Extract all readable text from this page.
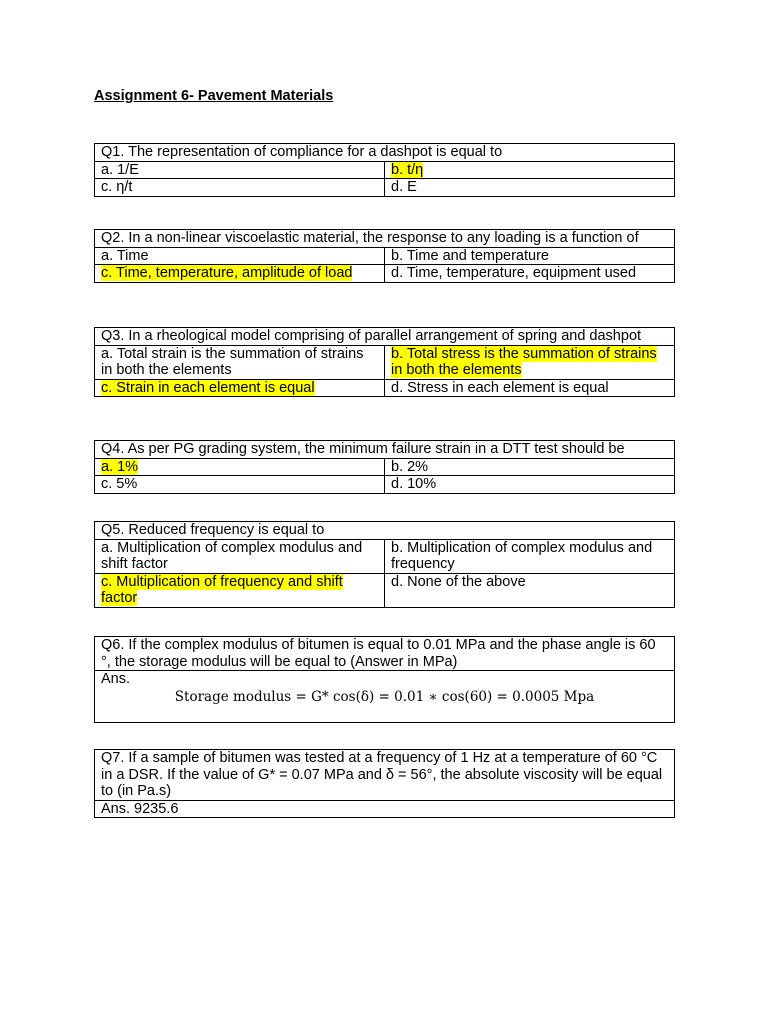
Assignment 6- Pavement Materials
Q1. The representation of compliance for a dashpot is equal to	
a. 1/E	b. t/η
c. η/t	d. E
Q2. In a non-linear viscoelastic material, the response to any loading is a function of	
a. Time	b. Time and temperature
c. Time, temperature, amplitude of load	d. Time, temperature, equipment used
Q3. In a rheological model comprising of parallel arrangement of spring and dashpot	
a. Total strain is the summation of strains in both the elements	b. Total stress is the summation of strains in both the elements
c. Strain in each element is equal	d. Stress in each element is equal
Q4. As per PG grading system, the minimum failure strain in a DTT test should be	
a. 1%	b. 2%
c. 5%	d. 10%
Q5. Reduced frequency is equal to	
a. Multiplication of complex modulus and shift factor	b. Multiplication of complex modulus and frequency
c. Multiplication of frequency and shift factor	d. None of the above
Q6. If the complex modulus of bitumen is equal to 0.01 MPa and the phase angle is 60 °, the storage modulus will be equal to (Answer in MPa)
Ans.
Storage modulus = G* cos(δ) = 0.01 ∗ cos(60) = 0.0005 Mpa
Q7. If a sample of bitumen was tested at a frequency of 1 Hz at a temperature of 60 °C in a DSR. If the value of G* = 0.07 MPa and δ = 56°, the absolute viscosity will be equal to (in Pa.s)
Ans. 9235.6
